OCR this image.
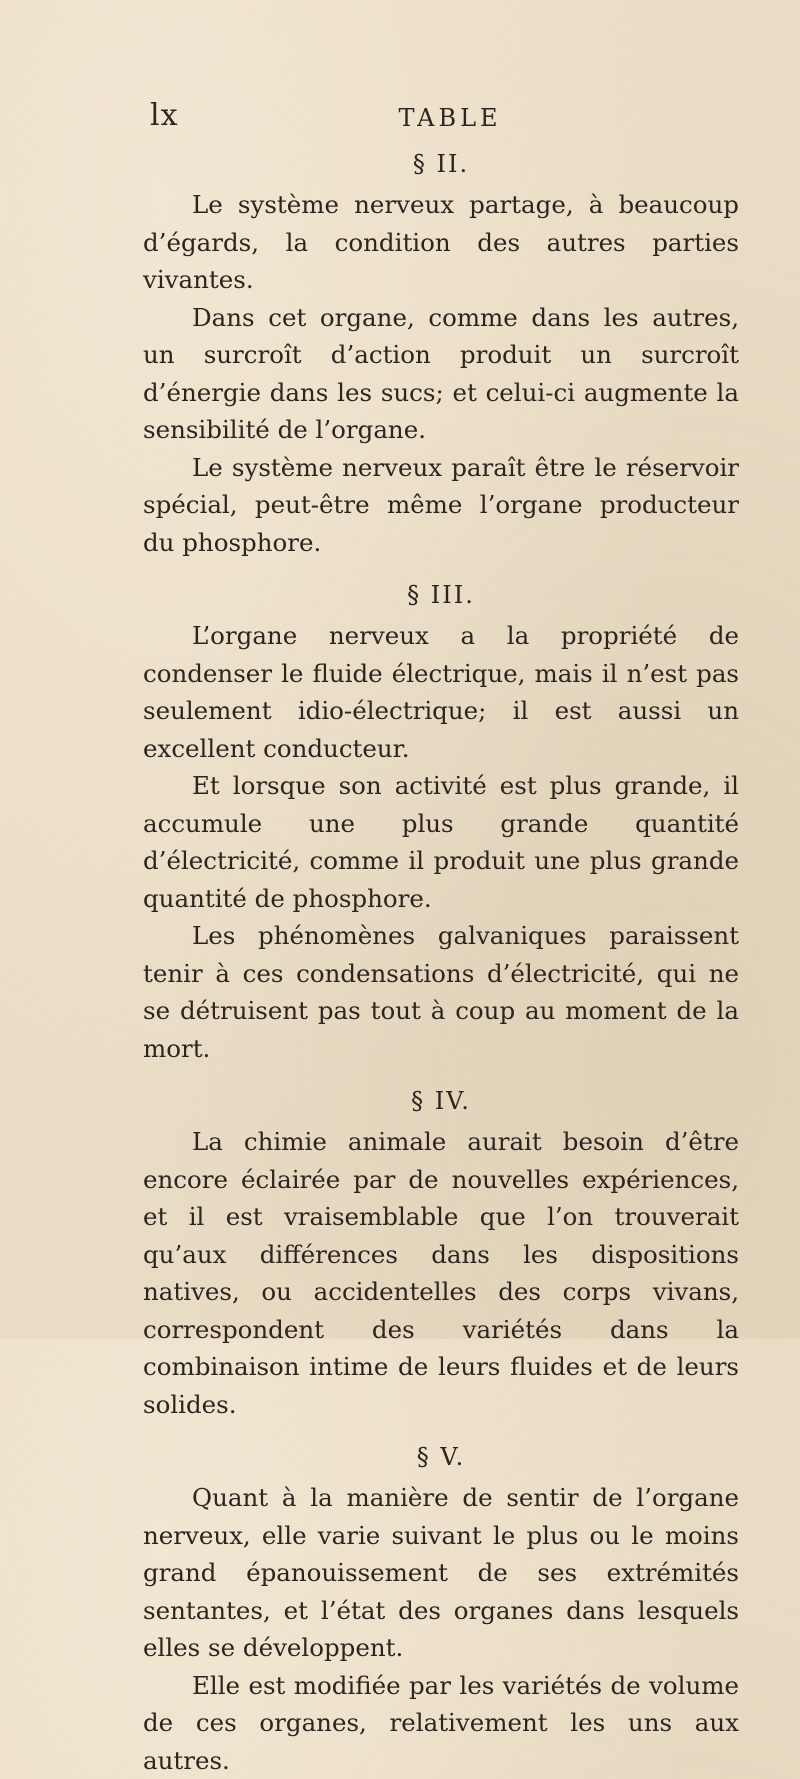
lx	TABLE
§ II.

Le système nerveux partage, à beaucoup d’égards, la condition des autres parties vivantes.

Dans cet organe, comme dans les autres, un surcroît d’action produit un surcroît d’énergie dans les sucs; et celui-ci augmente la sensibilité de l’organe.

Le système nerveux paraît être le réservoir spécial, peut-être même l’organe producteur du phosphore.

§ III.

L’organe nerveux a la propriété de condenser le fluide électrique, mais il n’est pas seulement idio-électrique; il est aussi un excellent conducteur.

Et lorsque son activité est plus grande, il accumule une plus grande quantité d’électricité, comme il produit une plus grande quantité de phosphore.

Les phénomènes galvaniques paraissent tenir à ces condensations d’électricité, qui ne se détruisent pas tout à coup au moment de la mort.

§ IV.

La chimie animale aurait besoin d’être encore éclairée par de nouvelles expériences, et il est vraisemblable que l’on trouverait qu’aux différences dans les dispositions natives, ou accidentelles des corps vivans, correspondent des variétés dans la combinaison intime de leurs fluides et de leurs solides.

§ V.

Quant à la manière de sentir de l’organe nerveux, elle varie suivant le plus ou le moins grand épanouissement de ses extrémités sentantes, et l’état des organes dans lesquels elles se développent.

Elle est modifiée par les variétés de volume de ces organes, relativement les uns aux autres.
